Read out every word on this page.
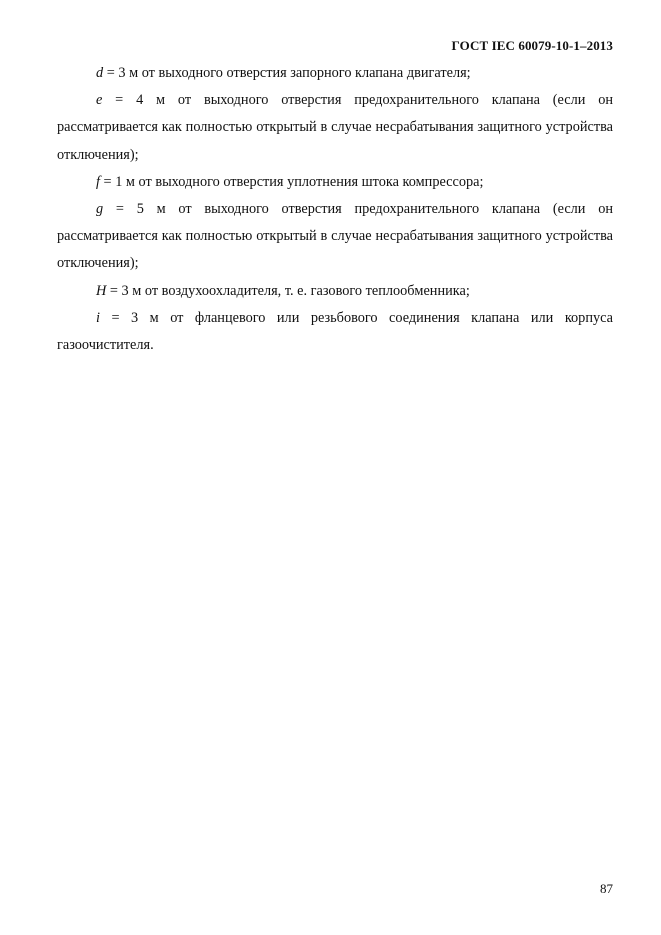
ГОСТ IEC 60079-10-1–2013

d = 3 м от выходного отверстия запорного клапана двигателя;

e = 4 м от выходного отверстия предохранительного клапана (если он рассматривается как полностью открытый в случае несрабатывания защитного устройства отключения);

f = 1 м от выходного отверстия уплотнения штока компрессора;

g = 5 м от выходного отверстия предохранительного клапана (если он рассматривается как полностью открытый в случае несрабатывания защитного устройства отключения);

H = 3 м от воздухоохладителя, т. е. газового теплообменника;

i = 3 м от фланцевого или резьбового соединения клапана или корпуса газоочистителя.

87
